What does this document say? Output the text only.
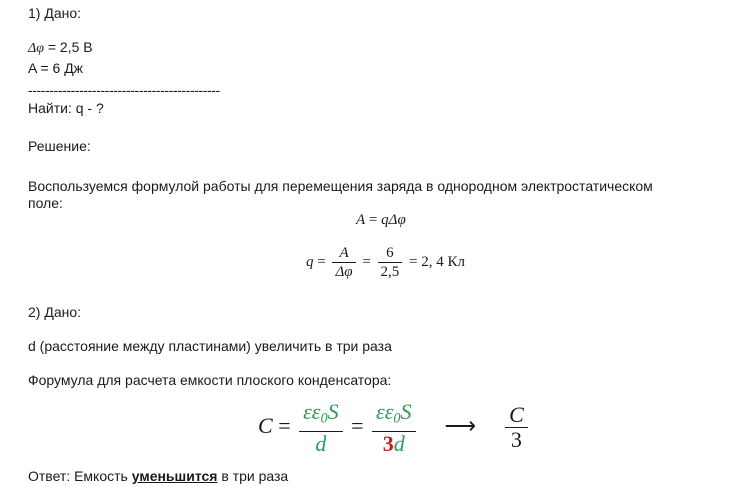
1) Дано:
Δφ = 2,5 В
A = 6 Дж
---------------------------------------------
Найти: q - ?
Решение:
Воспользуемся формулой работы для перемещения заряда в однородном электростатическом
поле:
A = qΔφ
$q = \frac{A}{\Delta\varphi} = \frac{6}{2,5} = 2$, 4 Кл
2) Дано:
d (расстояние между пластинами) увеличить в три раза
Форумула для расчета емкости плоского конденсатора:
$C = \frac{\varepsilon\varepsilon_0S}{d} = \frac{\varepsilon\varepsilon_0S}{3d}$ ⟶ $\frac{C}{3}$
Ответ: Емкость уменьшится в три раза
